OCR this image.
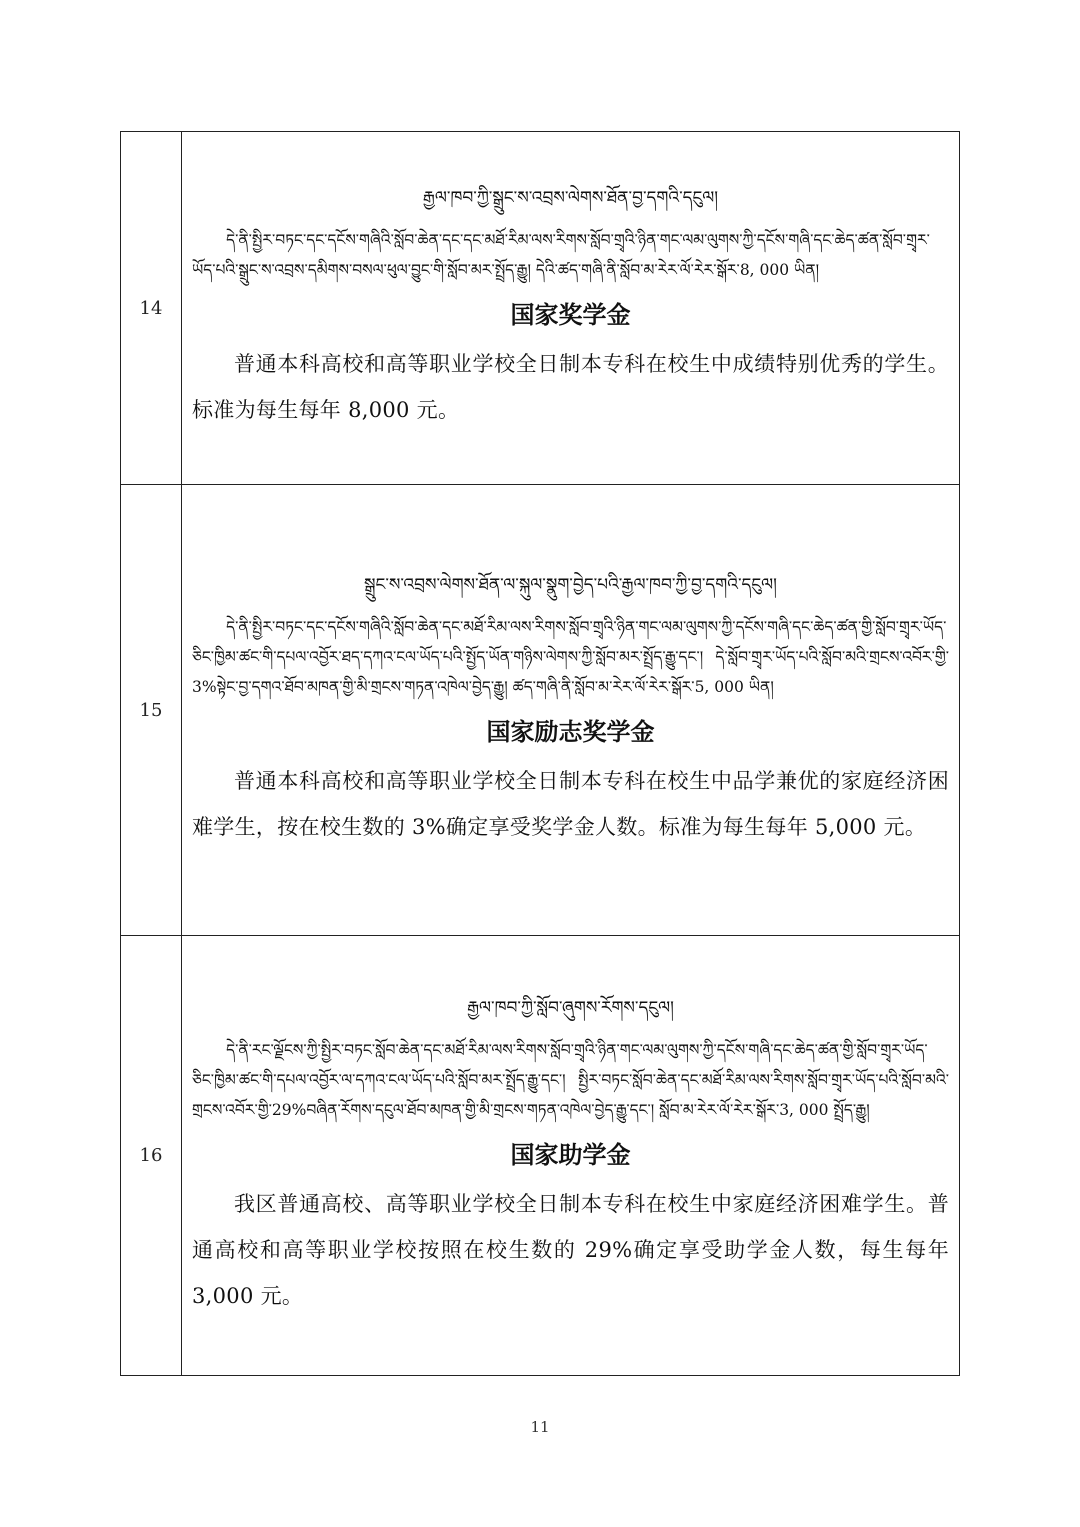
14	རྒྱལ་ཁབ་ཀྱི་སྒྲུང་ས་འབྲས་ལེགས་ཐོན་བྱ་དགའི་དངུལ།

དེ་ནི་སྤྱིར་བཏང་དང་དངོས་གཞིའི་སློབ་ཆེན་དང་དང་མཐོ་རིམ་ལས་རིགས་སློབ་གྲྭའི་ཉིན་གང་ལམ་ལུགས་ཀྱི་དངོས་གཞི་དང་ཆེད་ཚན་སློབ་གྲྭར་ཡོད་པའི་སྒྲུང་ས་འབྲས་དམིགས་བསལ་ཕུལ་བྱུང་གི་སློབ་མར་སྤྲོད་རྒྱུ། དེའི་ཚད་གཞི་ནི་སློབ་མ་རེར་ལོ་རེར་སྒོར་8, 000 ཡིན།

国家奖学金

普通本科高校和高等职业学校全日制本专科在校生中成绩特别优秀的学生。标准为每生每年 8,000 元。

15	སྒྲུང་ས་འབྲས་ལེགས་ཐོན་ལ་སྐུལ་སྣུག་བྱེད་པའི་རྒྱལ་ཁབ་ཀྱི་བྱ་དགའི་དངུལ།

དེ་ནི་སྤྱིར་བཏང་དང་དངོས་གཞིའི་སློབ་ཆེན་དང་མཐོ་རིམ་ལས་རིགས་སློབ་གྲྭའི་ཉིན་གང་ལམ་ལུགས་ཀྱི་དངོས་གཞི་དང་ཆེད་ཚན་གྱི་སློབ་གྲྭར་ཡོད་ཅིང་ཁྱིམ་ཚང་གི་དཔལ་འབྱོར་ཐད་དཀའ་ངལ་ཡོད་པའི་སྤྱོད་ཡོན་གཉིས་ལེགས་ཀྱི་སློབ་མར་སྤྲོད་རྒྱུ་དང་། དེ་སློབ་གྲྭར་ཡོད་པའི་སློབ་མའི་གྲངས་འབོར་གྱི་3%སྟེང་བྱ་དགའ་ཐོབ་མཁན་གྱི་མི་གྲངས་གཏན་འཁེལ་བྱེད་རྒྱུ། ཚད་གཞི་ནི་སློབ་མ་རེར་ལོ་རེར་སྒོར་5, 000 ཡིན།

国家励志奖学金

普通本科高校和高等职业学校全日制本专科在校生中品学兼优的家庭经济困难学生，按在校生数的 3%确定享受奖学金人数。标准为每生每年 5,000 元。

16	རྒྱལ་ཁབ་ཀྱི་སློབ་ཞུགས་རོགས་དངུལ།

དེ་ནི་རང་ལྗོངས་ཀྱི་སྤྱིར་བཏང་སློབ་ཆེན་དང་མཐོ་རིམ་ལས་རིགས་སློབ་གྲྭའི་ཉིན་གང་ལམ་ལུགས་ཀྱི་དངོས་གཞི་དང་ཆེད་ཚན་གྱི་སློབ་གྲྭར་ཡོད་ཅིང་ཁྱིམ་ཚང་གི་དཔལ་འབྱོར་ལ་དཀའ་ངལ་ཡོད་པའི་སློབ་མར་སྤྲོད་རྒྱུ་དང་། སྤྱིར་བཏང་སློབ་ཆེན་དང་མཐོ་རིམ་ལས་རིགས་སློབ་གྲྭར་ཡོད་པའི་སློབ་མའི་གྲངས་འབོར་གྱི་29%བཞིན་རོགས་དངུལ་ཐོབ་མཁན་གྱི་མི་གྲངས་གཏན་འཁེལ་བྱེད་རྒྱུ་དང་། སློབ་མ་རེར་ལོ་རེར་སྒོར་3, 000 སྤྲོད་རྒྱུ།

国家助学金

我区普通高校、高等职业学校全日制本专科在校生中家庭经济困难学生。普通高校和高等职业学校按照在校生数的 29%确定享受助学金人数，每生每年 3,000 元。

11
